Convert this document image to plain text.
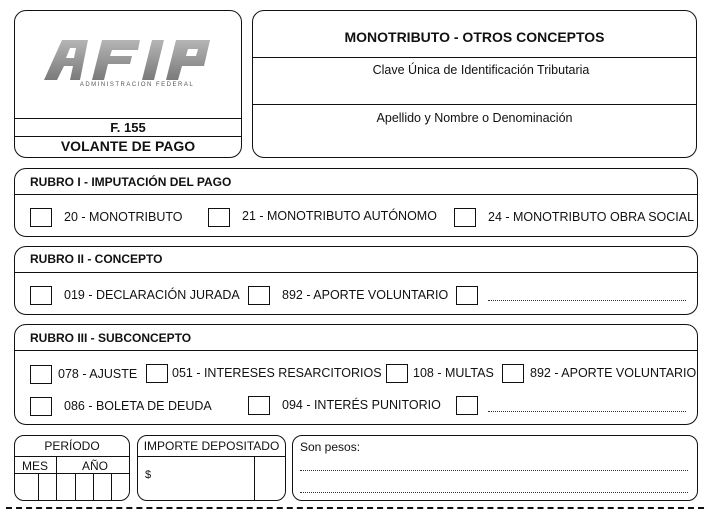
ADMINISTRACION FEDERAL
F. 155
VOLANTE DE PAGO
MONOTRIBUTO - OTROS CONCEPTOS
Clave Única de Identificación Tributaria
Apellido y Nombre o Denominación
RUBRO I - IMPUTACIÓN DEL PAGO
20 - MONOTRIBUTO	21 - MONOTRIBUTO AUTÓNOMO	24 - MONOTRIBUTO OBRA SOCIAL
RUBRO II - CONCEPTO
019 - DECLARACIÓN JURADA	892 - APORTE VOLUNTARIO
RUBRO III - SUBCONCEPTO
078 - AJUSTE	051 - INTERESES RESARCITORIOS	108 - MULTAS	892 - APORTE VOLUNTARIO
086 - BOLETA DE DEUDA	094 - INTERÉS PUNITORIO
PERÍODO
MES	AÑO
IMPORTE DEPOSITADO
$
Son pesos:
